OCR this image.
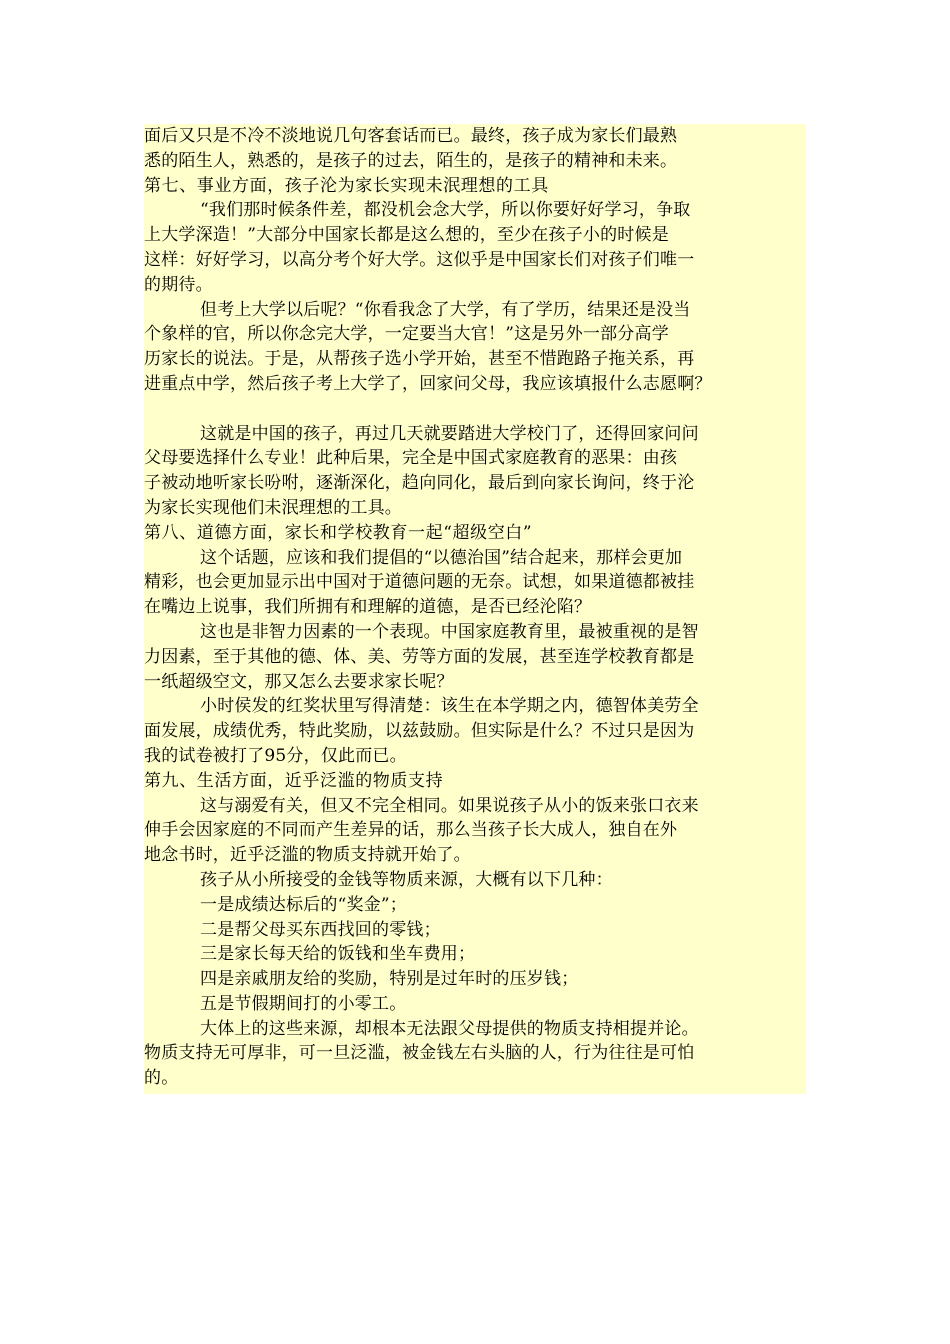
面后又只是不冷不淡地说几句客套话而已。最终，孩子成为家长们最熟
悉的陌生人，熟悉的，是孩子的过去，陌生的，是孩子的精神和未来。
第七、事业方面，孩子沦为家长实现未泯理想的工具
“我们那时候条件差，都没机会念大学，所以你要好好学习，争取
上大学深造！”大部分中国家长都是这么想的，至少在孩子小的时候是
这样：好好学习，以高分考个好大学。这似乎是中国家长们对孩子们唯一
的期待。
但考上大学以后呢？“你看我念了大学，有了学历，结果还是没当
个象样的官，所以你念完大学，一定要当大官！”这是另外一部分高学
历家长的说法。于是，从帮孩子选小学开始，甚至不惜跑路子拖关系，再
进重点中学，然后孩子考上大学了，回家问父母，我应该填报什么志愿啊？
这就是中国的孩子，再过几天就要踏进大学校门了，还得回家问问
父母要选择什么专业！此种后果，完全是中国式家庭教育的恶果：由孩
子被动地听家长吩咐，逐渐深化，趋向同化，最后到向家长询问，终于沦
为家长实现他们未泯理想的工具。
第八、道德方面，家长和学校教育一起“超级空白”
这个话题，应该和我们提倡的“以德治国”结合起来，那样会更加
精彩，也会更加显示出中国对于道德问题的无奈。试想，如果道德都被挂
在嘴边上说事，我们所拥有和理解的道德，是否已经沦陷？
这也是非智力因素的一个表现。中国家庭教育里，最被重视的是智
力因素，至于其他的德、体、美、劳等方面的发展，甚至连学校教育都是
一纸超级空文，那又怎么去要求家长呢？
小时侯发的红奖状里写得清楚：该生在本学期之内，德智体美劳全
面发展，成绩优秀，特此奖励，以兹鼓励。但实际是什么？不过只是因为
我的试卷被打了95分，仅此而已。
第九、生活方面，近乎泛滥的物质支持
这与溺爱有关，但又不完全相同。如果说孩子从小的饭来张口衣来
伸手会因家庭的不同而产生差异的话，那么当孩子长大成人，独自在外
地念书时，近乎泛滥的物质支持就开始了。
孩子从小所接受的金钱等物质来源，大概有以下几种：
一是成绩达标后的“奖金”；
二是帮父母买东西找回的零钱；
三是家长每天给的饭钱和坐车费用；
四是亲戚朋友给的奖励，特别是过年时的压岁钱；
五是节假期间打的小零工。
大体上的这些来源，却根本无法跟父母提供的物质支持相提并论。
物质支持无可厚非，可一旦泛滥，被金钱左右头脑的人，行为往往是可怕
的。
